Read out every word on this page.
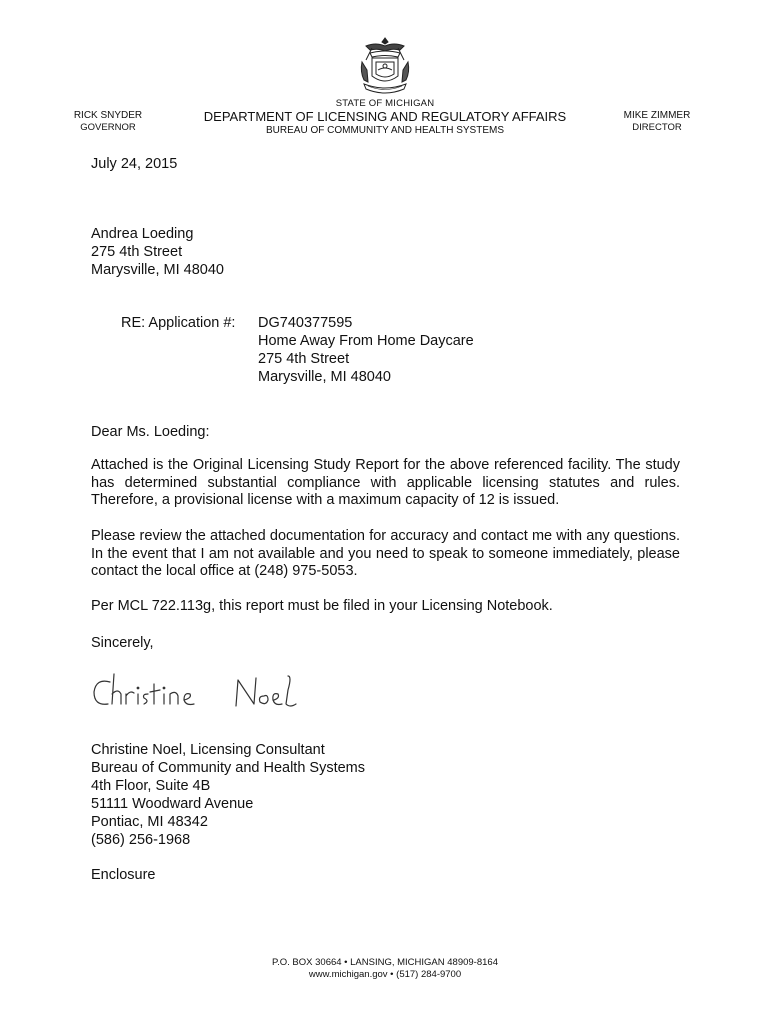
STATE OF MICHIGAN
DEPARTMENT OF LICENSING AND REGULATORY AFFAIRS
BUREAU OF COMMUNITY AND HEALTH SYSTEMS
RICK SNYDER
GOVERNOR
MIKE ZIMMER
DIRECTOR
July 24, 2015
Andrea Loeding
275 4th Street
Marysville, MI 48040
RE: Application #: DG740377595
Home Away From Home Daycare
275 4th Street
Marysville, MI 48040
Dear Ms. Loeding:
Attached is the Original Licensing Study Report for the above referenced facility. The study has determined substantial compliance with applicable licensing statutes and rules. Therefore, a provisional license with a maximum capacity of 12 is issued.
Please review the attached documentation for accuracy and contact me with any questions. In the event that I am not available and you need to speak to someone immediately, please contact the local office at (248) 975-5053.
Per MCL 722.113g, this report must be filed in your Licensing Notebook.
Sincerely,
Christine Noel, Licensing Consultant
Bureau of Community and Health Systems
4th Floor, Suite 4B
51111 Woodward Avenue
Pontiac, MI 48342
(586) 256-1968
Enclosure
P.O. BOX 30664 • LANSING, MICHIGAN 48909-8164
www.michigan.gov • (517) 284-9700
